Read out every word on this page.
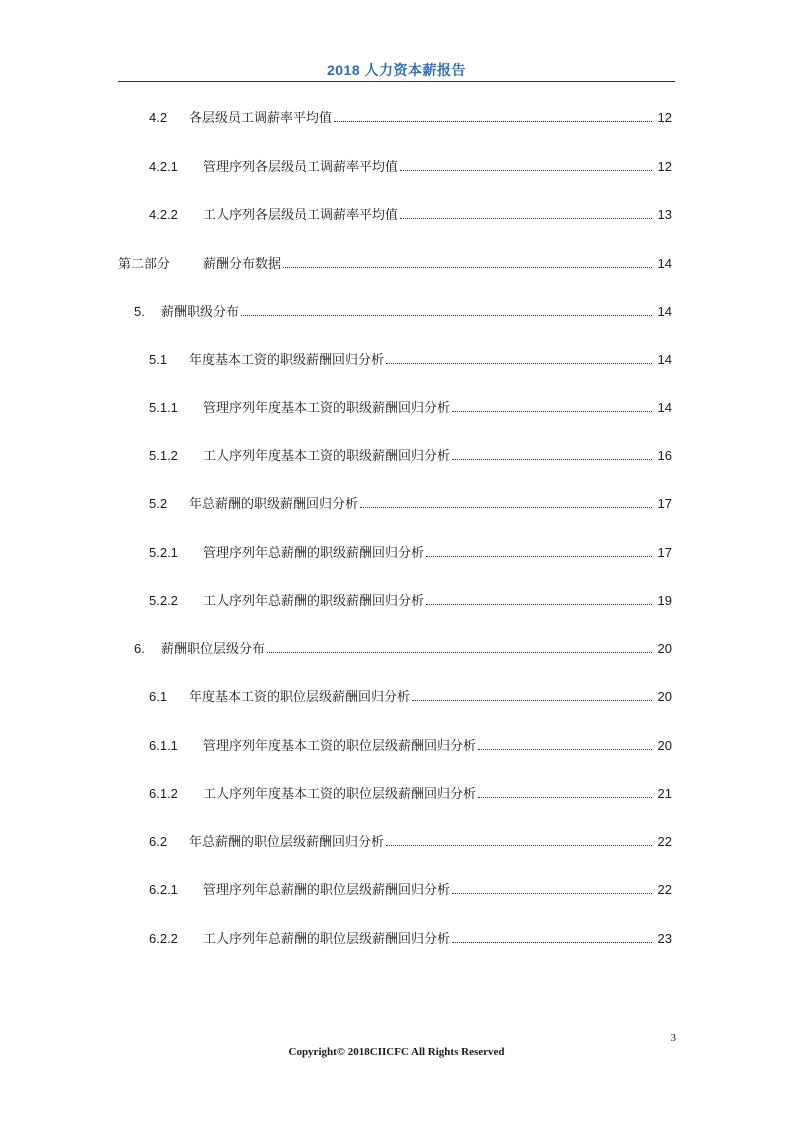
2018 人力资本薪报告
4.2	各层级员工调薪率平均值	12
4.2.1	管理序列各层级员工调薪率平均值	12
4.2.2	工人序列各层级员工调薪率平均值	13
第二部分	薪酬分布数据	14
5.	薪酬职级分布	14
5.1	年度基本工资的职级薪酬回归分析	14
5.1.1	管理序列年度基本工资的职级薪酬回归分析	14
5.1.2	工人序列年度基本工资的职级薪酬回归分析	16
5.2	年总薪酬的职级薪酬回归分析	17
5.2.1	管理序列年总薪酬的职级薪酬回归分析	17
5.2.2	工人序列年总薪酬的职级薪酬回归分析	19
6.	薪酬职位层级分布	20
6.1	年度基本工资的职位层级薪酬回归分析	20
6.1.1	管理序列年度基本工资的职位层级薪酬回归分析	20
6.1.2	工人序列年度基本工资的职位层级薪酬回归分析	21
6.2	年总薪酬的职位层级薪酬回归分析	22
6.2.1	管理序列年总薪酬的职位层级薪酬回归分析	22
6.2.2	工人序列年总薪酬的职位层级薪酬回归分析	23
3
Copyright© 2018CIICFC All Rights Reserved
